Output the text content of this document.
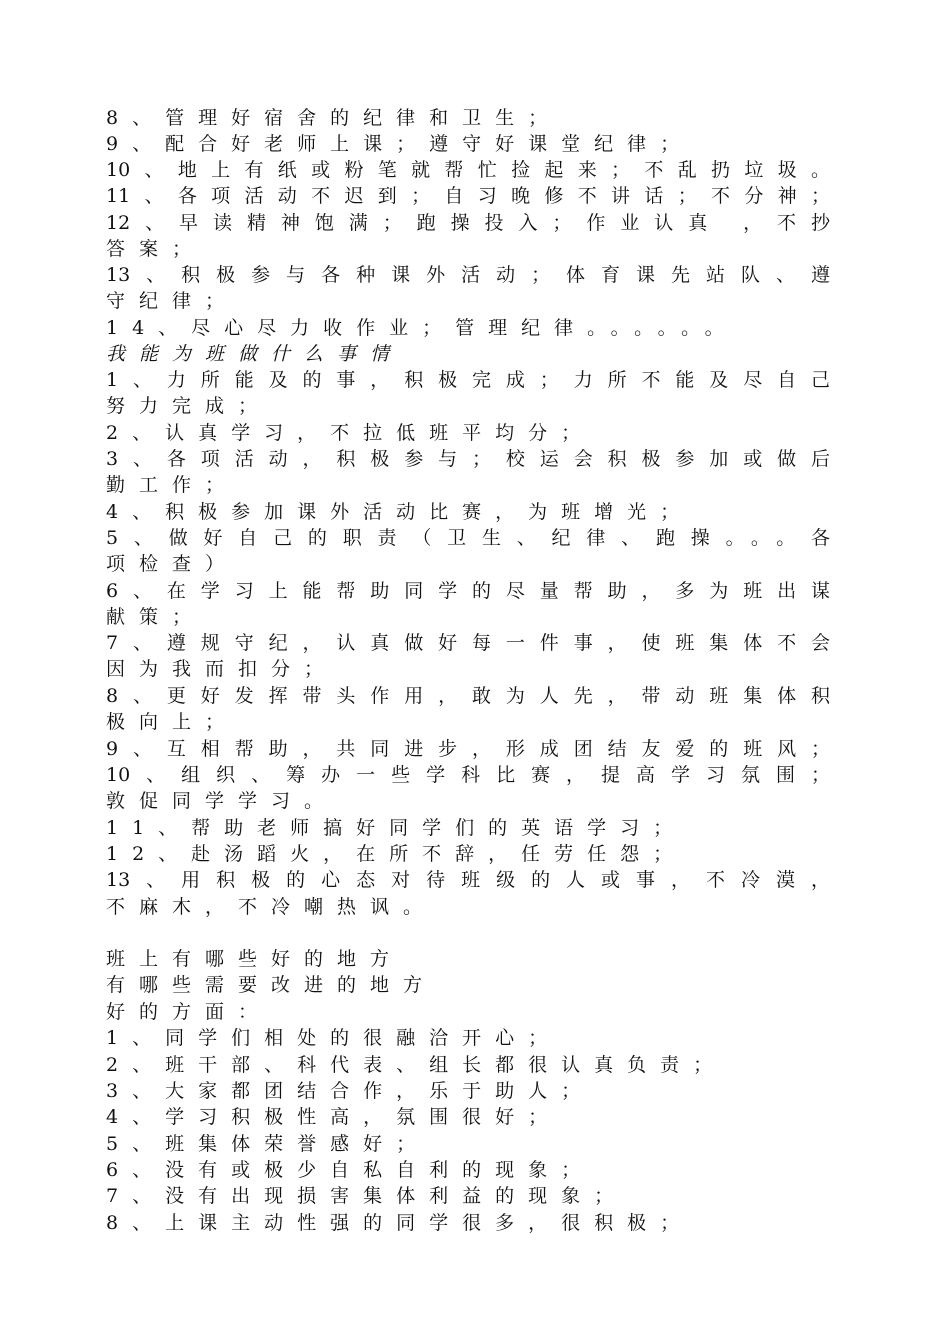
8、管理好宿舍的纪律和卫生；
9、配合好老师上课；遵守好课堂纪律；
10、地上有纸或粉笔就帮忙捡起来；不乱扔垃圾。
11、各项活动不迟到；自习晚修不讲话；不分神；
12、早读精神饱满；跑操投入；作业认真 ，不抄
答案；
13、积极参与各种课外活动；体育课先站队、遵
守纪律；
14、尽心尽力收作业；管理纪律。。。。。。
我能为班做什么事情
1、力所能及的事，积极完成；力所不能及尽自己
努力完成；
2、认真学习，不拉低班平均分；
3、各项活动，积极参与；校运会积极参加或做后
勤工作；
4、积极参加课外活动比赛，为班增光；
5、做好自己的职责（卫生、纪律、跑操。。。各
项检查）
6、在学习上能帮助同学的尽量帮助，多为班出谋
献策；
7、遵规守纪，认真做好每一件事，使班集体不会
因为我而扣分；
8、更好发挥带头作用，敢为人先，带动班集体积
极向上；
9、互相帮助，共同进步，形成团结友爱的班风；
10、组织、筹办一些学科比赛，提高学习氛围；
敦促同学学习。
11、帮助老师搞好同学们的英语学习；
12、赴汤蹈火，在所不辞，任劳任怨；
13、用积极的心态对待班级的人或事，不冷漠，
不麻木，不冷嘲热讽。
班上有哪些好的地方
有哪些需要改进的地方
好的方面：
1、同学们相处的很融洽开心；
2、班干部、科代表、组长都很认真负责；
3、大家都团结合作，乐于助人；
4、学习积极性高，氛围很好；
5、班集体荣誉感好；
6、没有或极少自私自利的现象；
7、没有出现损害集体利益的现象；
8、上课主动性强的同学很多，很积极；
